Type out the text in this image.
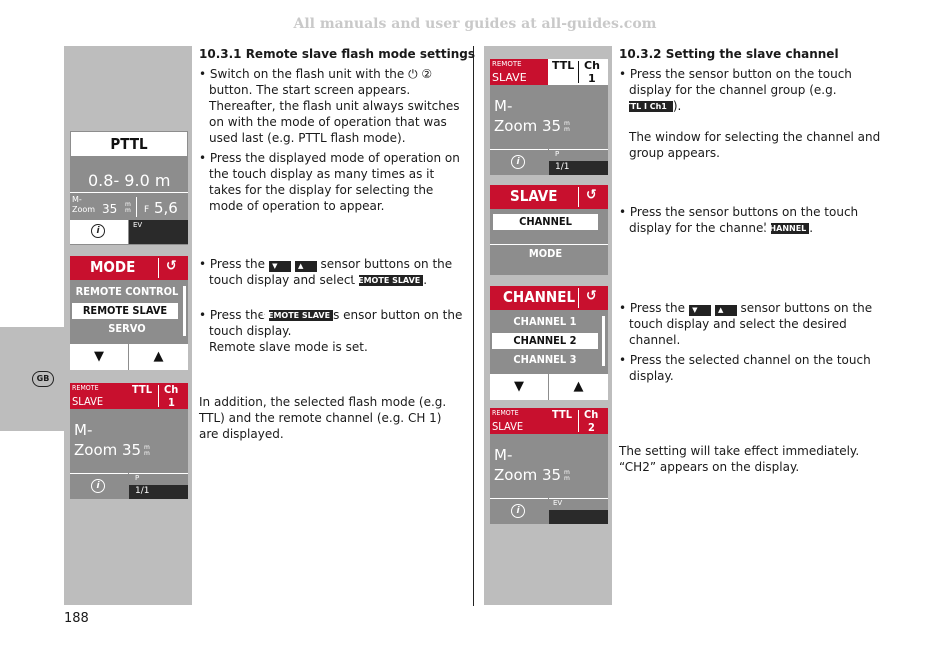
All manuals and user guides at all-guides.com
GB
188
PTTL
0.8- 9.0 m
M-
Zoom 35 m m F 5,6
i
EV
MODE ↺
REMOTE CONTROL
REMOTE SLAVE
SERVO
▼	▲
REMOTE
SLAVE
TTL Ch
1
M-
Zoom 35 m m
i
P
1/1
10.3.1 Remote slave flash mode settings
• Switch on the flash unit with the ⏻ ② button. The start screen appears. Thereafter, the flash unit always switches on with the mode of operation that was used last (e.g. PTTL flash mode).
• Press the displayed mode of operation on the touch display as many times as it takes for the display for selecting the mode of operation to appear.
• Press the ▼	▲ sensor buttons on the touch display and select REMOTE SLAVE .
• Press the REMOTE SLAVE s ensor button on the touch display.
Remote slave mode is set.
In addition, the selected flash mode (e.g. TTL) and the remote channel (e.g. CH 1) are displayed.
REMOTE
SLAVE
TTL Ch
1
M-
Zoom 35 m m
i
P
1/1
SLAVE ↺
CHANNEL
MODE
CHANNEL ↺
CHANNEL 1
CHANNEL 2
CHANNEL 3
▼	▲
REMOTE
SLAVE
TTL Ch
2
M-
Zoom 35 m m
i
EV
10.3.2 Setting the slave channel
• Press the sensor button on the touch display for the channel group (e.g. TTL I Ch1 ).
The window for selecting the channel and group appears.
• Press the sensor buttons on the touch display for the channel CHANNEL .
• Press the ▼	▲ sensor buttons on the touch display and select the desired channel.
• Press the selected channel on the touch display.
The setting will take effect immediately. “CH2” appears on the display.
